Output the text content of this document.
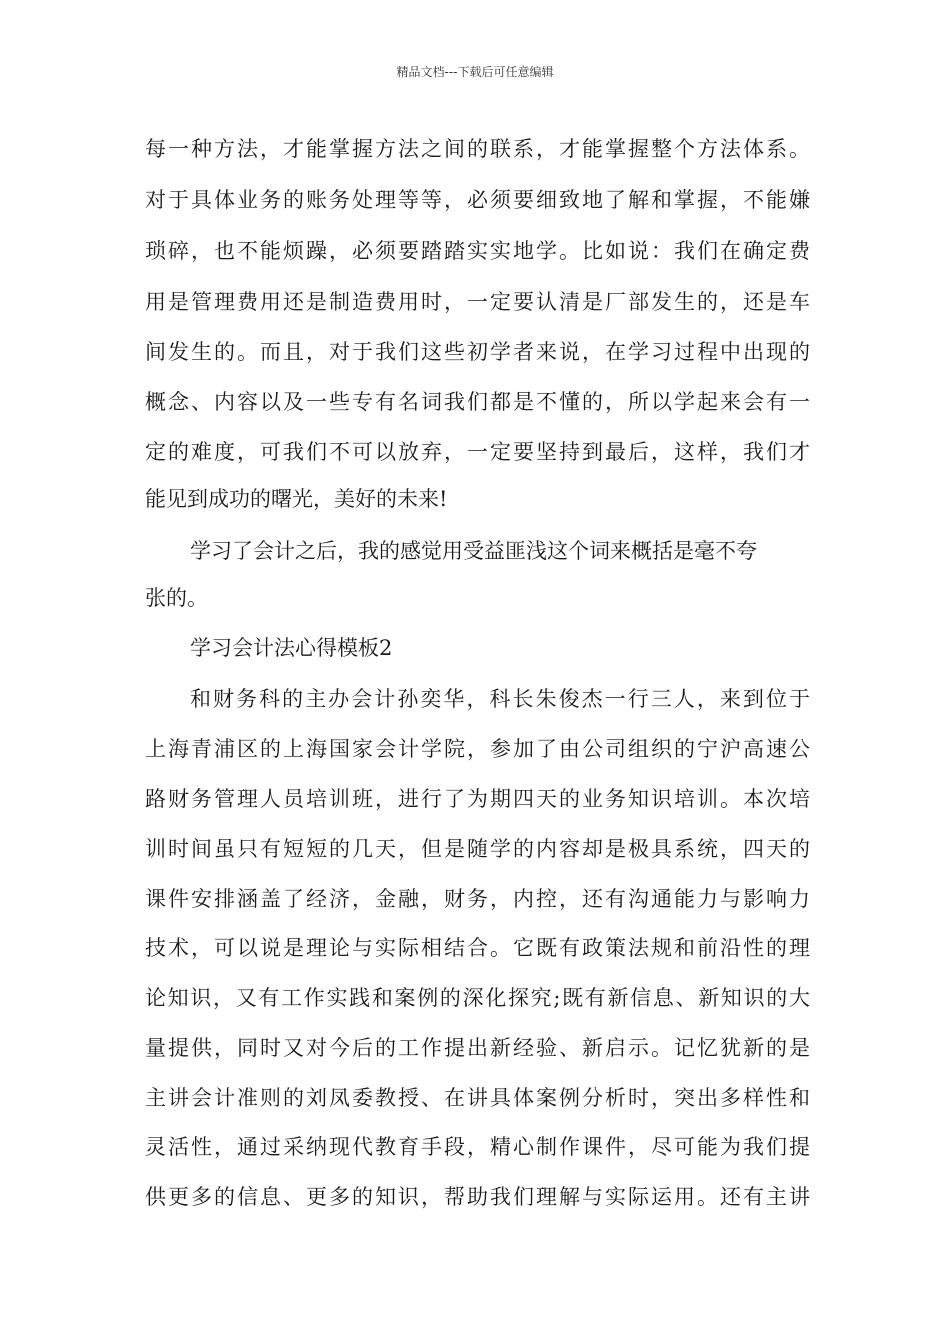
精品文档---下载后可任意编辑
每一种方法，才能掌握方法之间的联系，才能掌握整个方法体系。
对于具体业务的账务处理等等，必须要细致地了解和掌握，不能嫌
琐碎，也不能烦躁，必须要踏踏实实地学。比如说：我们在确定费
用是管理费用还是制造费用时，一定要认清是厂部发生的，还是车
间发生的。而且，对于我们这些初学者来说，在学习过程中出现的
概念、内容以及一些专有名词我们都是不懂的，所以学起来会有一
定的难度，可我们不可以放弃，一定要坚持到最后，这样，我们才
能见到成功的曙光，美好的未来!
学习了会计之后，我的感觉用受益匪浅这个词来概括是毫不夸
张的。
学习会计法心得模板2
和财务科的主办会计孙奕华，科长朱俊杰一行三人，来到位于
上海青浦区的上海国家会计学院，参加了由公司组织的宁沪高速公
路财务管理人员培训班，进行了为期四天的业务知识培训。本次培
训时间虽只有短短的几天，但是随学的内容却是极具系统，四天的
课件安排涵盖了经济，金融，财务，内控，还有沟通能力与影响力
技术，可以说是理论与实际相结合。它既有政策法规和前沿性的理
论知识，又有工作实践和案例的深化探究;既有新信息、新知识的大
量提供，同时又对今后的工作提出新经验、新启示。记忆犹新的是
主讲会计准则的刘凤委教授、在讲具体案例分析时，突出多样性和
灵活性，通过采纳现代教育手段，精心制作课件，尽可能为我们提
供更多的信息、更多的知识，帮助我们理解与实际运用。还有主讲
